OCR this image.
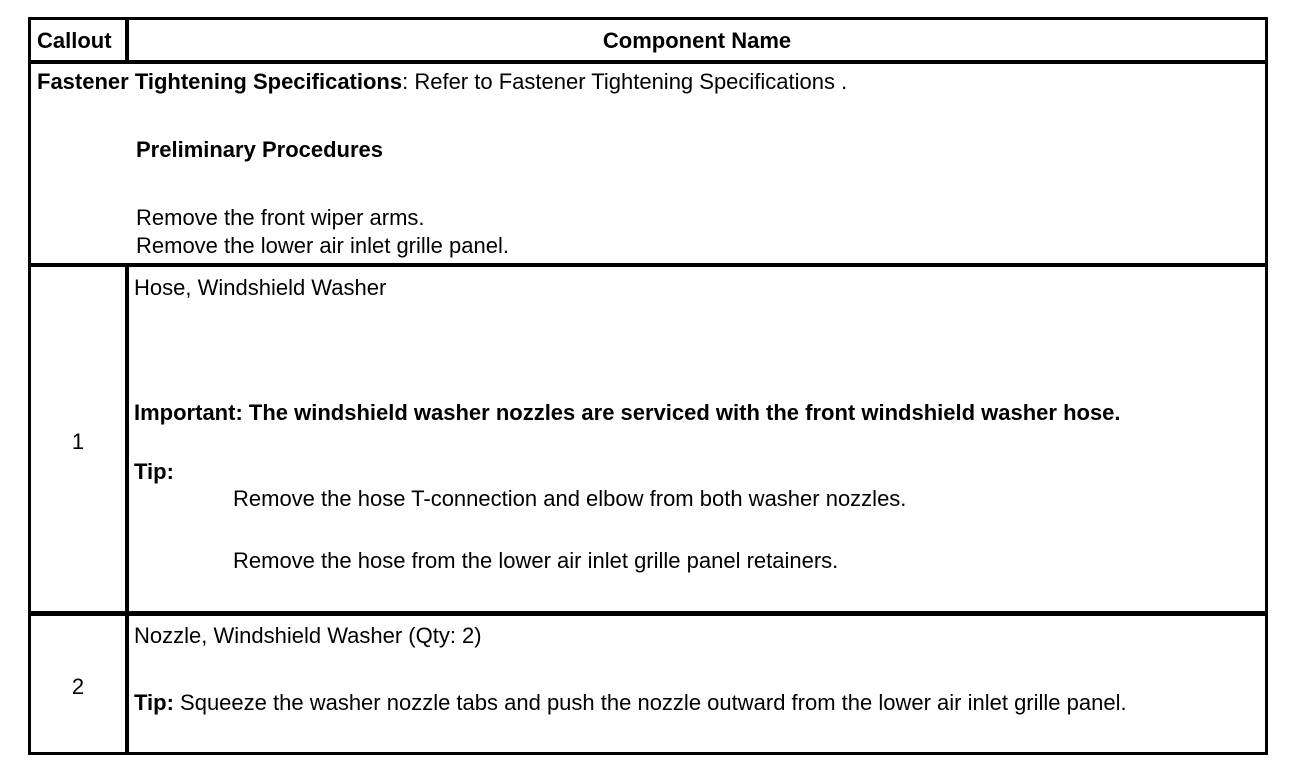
Callout	Component Name
Fastener Tightening Specifications: Refer to Fastener Tightening Specifications .
Preliminary Procedures
Remove the front wiper arms.
Remove the lower air inlet grille panel.
1
Hose, Windshield Washer
Important: The windshield washer nozzles are serviced with the front windshield washer hose.
Tip:
Remove the hose T-connection and elbow from both washer nozzles.
Remove the hose from the lower air inlet grille panel retainers.
2
Nozzle, Windshield Washer (Qty: 2)
Tip: Squeeze the washer nozzle tabs and push the nozzle outward from the lower air inlet grille panel.
